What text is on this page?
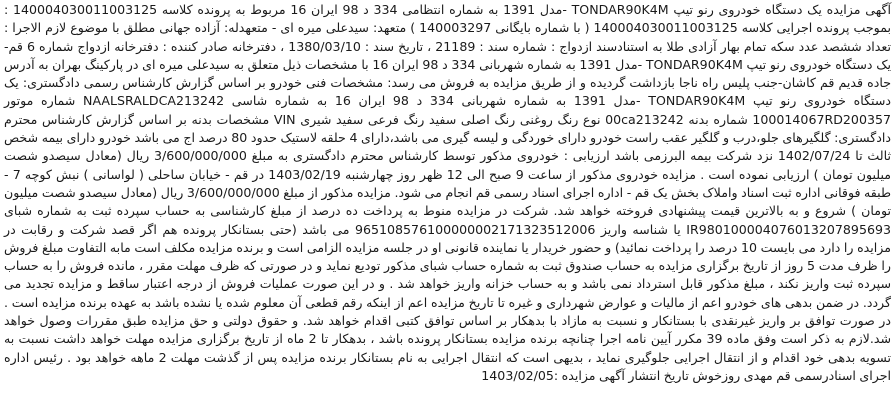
آگهی مزایده یک دستگاه خودروی رنو تیپ TONDAR90K4M -مدل 1391 به شماره انتظامی 334 د 98 ایران 16 مربوط به پرونده کلاسه 140004030011003125 : بموجب پرونده اجرایی کلاسه 140004030011003125 ( با شماره بایگانی 140003297 ) متعهد: سیدعلی میره ای - متعهدله: آزاده جهانی مطلق با موضوع لازم الاجرا : تعداد ششصد عدد سکه تمام بهار آزادی طلا به استنادسند ازدواج : شماره سند : 21189 ، تاریخ سند : 1380/03/10 ، دفترخانه صادر کننده : دفترخانه ازدواج شماره 6 قم- یک دستگاه خودروی رنو تیپ TONDAR90K4M -مدل 1391 به شماره شهربانی 334 د 98 ایران 16 با مشخصات ذیل متعلق به سیدعلی میره ای در پارکینگ بهران به آدرس جاده قدیم قم کاشان-جنب پلیس راه ناجا بازداشت گردیده و از طریق مزایده به فروش می رسد: مشخصات فنی خودرو بر اساس گزارش کارشناس رسمی دادگستری: یک دستگاه خودروی رنو تیپ TONDAR90K4M -مدل 1391 به شماره شهربانی 334 د 98 ایران 16 به شماره شاسی NAALSRALDCA213242 شماره موتور 100014067RD200357 شماره بدنه 00ca213242 نوع رنگ روغنی رنگ اصلی سفید رنگ فرعی سفید شیری VIN مشخصات بدنه بر اساس گزارش کارشناس محترم دادگستری: گلگیرهای جلو،درب و گلگیر عقب راست خودرو دارای خوردگی و لیسه گیری می باشد،دارای 4 حلقه لاستیک حدود 80 درصد اج می باشد خودرو دارای بیمه شخص ثالث تا 1402/07/24 نزد شرکت بیمه البرزمی باشد ارزیابی : خودروی مذکور توسط کارشناس محترم دادگستری به مبلغ 3/600/000/000 ریال (معادل سیصدو شصت میلیون تومان ) ارزیابی نموده است . مزایده خودروی مذکور از ساعت 9 صبح الی 12 ظهر روز چهارشنبه 1403/02/19 در قم - خیابان ساحلی ( لواسانی ) نبش کوچه 7 - طبقه فوقانی اداره ثبت اسناد واملاک بخش یک قم - اداره اجرای اسناد رسمی قم انجام می شود. مزایده مذکور از مبلغ 3/600/000/000 ریال (معادل سیصدو شصت میلیون تومان ) شروع و به بالاترین قیمت پیشنهادی فروخته خواهد شد. شرکت در مزایده منوط به پرداخت ده درصد از مبلغ کارشناسی به حساب سپرده ثبت به شماره شبای IR980100004076013207895693 یا شناسه واریز 965108576100000002171323512006 می باشد (حتی بستانکار پرونده هم اگر قصد شرکت و رقابت در مزایده را دارد می بایست 10 درصد را پرداخت نمائید) و حضور خریدار یا نماینده قانونی او در جلسه مزایده الزامی است و برنده مزایده مکلف است مابه التفاوت مبلغ فروش را ظرف مدت 5 روز از تاریخ برگزاری مزایده به حساب صندوق ثبت به شماره حساب شبای مذکور تودیع نماید و در صورتی که ظرف مهلت مقرر ، مانده فروش را به حساب سپرده ثبت واریز نکند ، مبلغ مذکور قابل استرداد نمی باشد و به حساب خزانه واریز خواهد شد . و در این صورت عملیات فروش از درجه اعتبار ساقط و مزایده تجدید می گردد. در ضمن بدهی های خودرو اعم از مالیات و عوارض شهرداری و غیره تا تاریخ مزایده اعم از اینکه رقم قطعی آن معلوم شده یا نشده باشد به عهده برنده مزایده است . در صورت توافق بر واریز غیرنقدی با بستانکار و نسبت به مازاد با بدهکار بر اساس توافق کتبی اقدام خواهد شد. و حقوق دولتی و حق مزایده طبق مقررات وصول خواهد شد.لازم به ذکر است وفق ماده 39 مکرر آیین نامه اجرا چنانچه برنده مزایده بستانکار پرونده باشد ، بدهکار تا 2 ماه از تاریخ برگزاری مزایده مهلت خواهد داشت نسبت به تسویه بدهی خود اقدام و از انتقال اجرایی جلوگیری نماید ، بدیهی است که انتقال اجرایی به نام بستانکار برنده مزایده پس از گذشت مهلت 2 ماهه خواهد بود . رئیس اداره اجرای اسنادرسمی قم مهدی روزخوش تاریخ انتشار آگهی مزایده :1403/02/05
